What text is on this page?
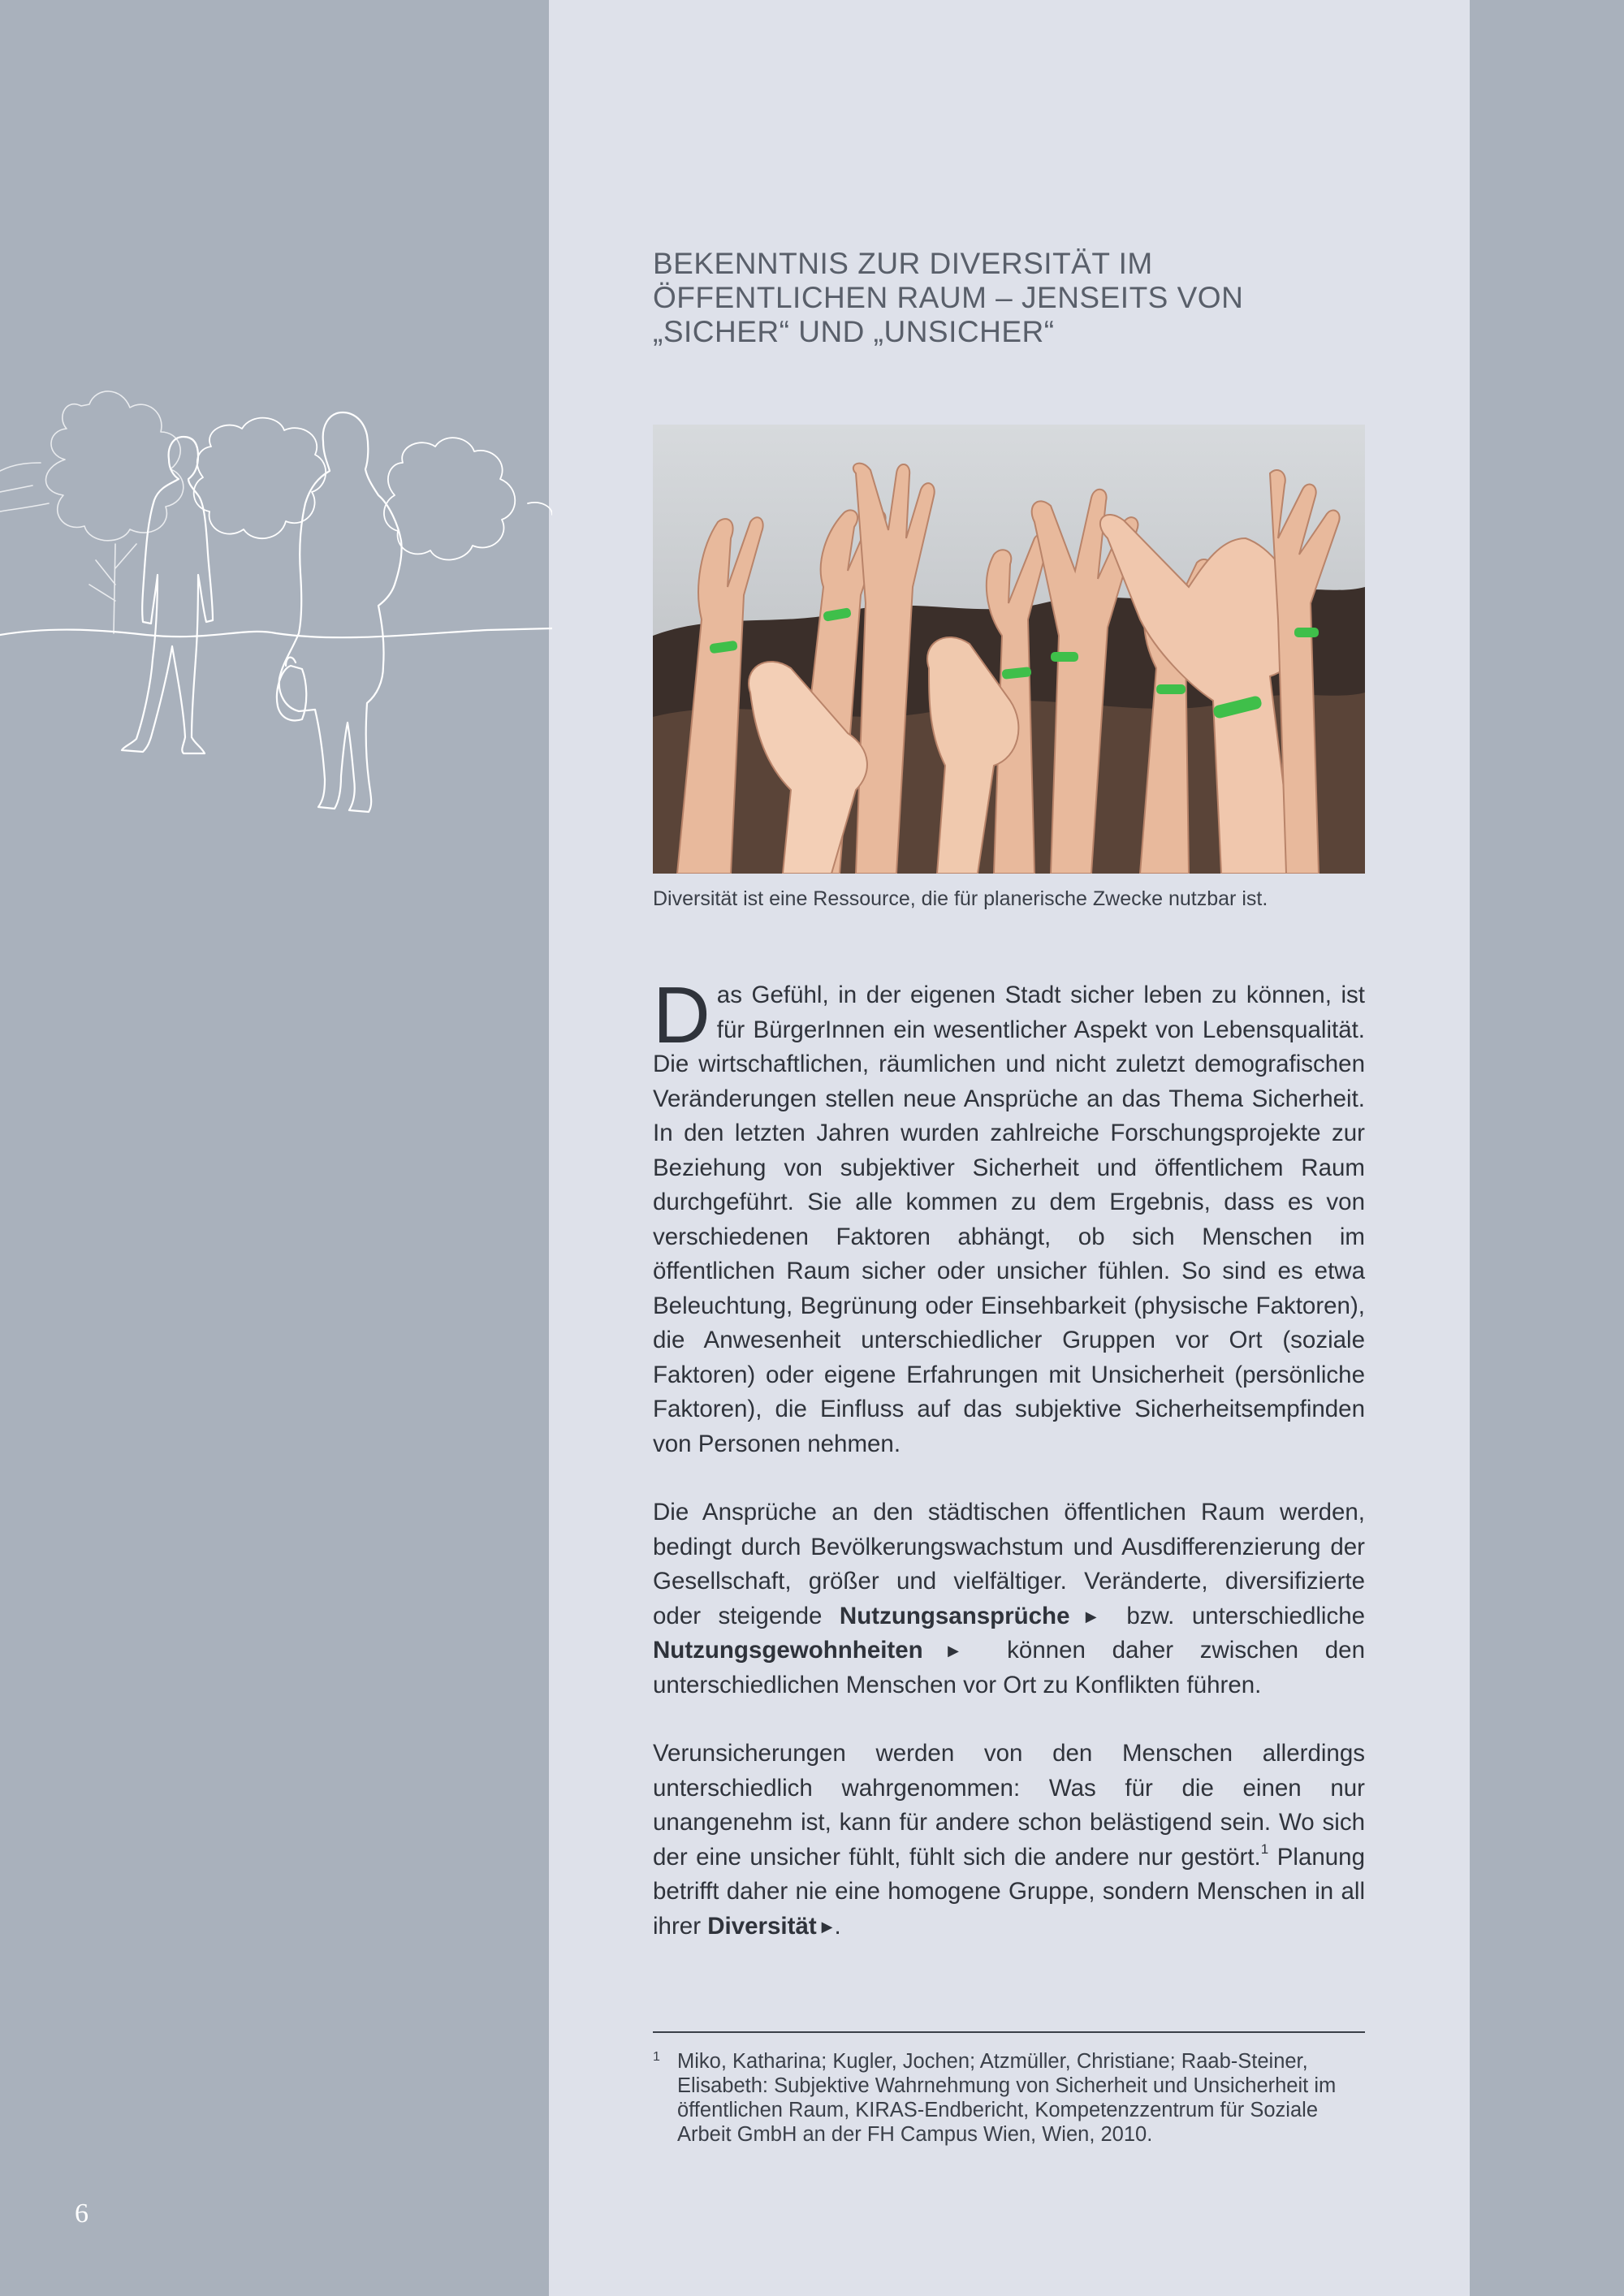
BEKENNTNIS ZUR DIVERSITÄT IM
ÖFFENTLICHEN RAUM – JENSEITS VON
„SICHER“ UND „UNSICHER“
Diversität ist eine Ressource, die für planerische Zwecke nutzbar ist.

Das Gefühl, in der eigenen Stadt sicher leben zu können, ist für BürgerInnen ein wesentlicher Aspekt von Lebensqualität. Die wirtschaftlichen, räumlichen und nicht zuletzt demografischen Veränderungen stellen neue Ansprüche an das Thema Sicherheit. In den letzten Jahren wurden zahlreiche Forschungsprojekte zur Beziehung von subjektiver Sicherheit und öffentlichem Raum durchgeführt. Sie alle kommen zu dem Ergebnis, dass es von verschiedenen Faktoren abhängt, ob sich Menschen im öffentlichen Raum sicher oder unsicher fühlen. So sind es etwa Beleuchtung, Begrünung oder Einsehbarkeit (physische Faktoren), die Anwesenheit unterschiedlicher Gruppen vor Ort (soziale Faktoren) oder eigene Erfahrungen mit Unsicherheit (persönliche Faktoren), die Einfluss auf das subjektive Sicherheitsempfinden von Personen nehmen.

Die Ansprüche an den städtischen öffentlichen Raum werden, bedingt durch Bevölkerungswachstum und Ausdifferenzierung der Gesellschaft, größer und vielfältiger. Veränderte, diversifizierte oder steigende Nutzungsansprüche ▶ bzw. unterschiedliche Nutzungsgewohnheiten ▶ können daher zwischen den unterschiedlichen Menschen vor Ort zu Konflikten führen.

Verunsicherungen werden von den Menschen allerdings unterschiedlich wahrgenommen: Was für die einen nur unangenehm ist, kann für andere schon belästigend sein. Wo sich der eine unsicher fühlt, fühlt sich die andere nur gestört.$^1$ Planung betrifft daher nie eine homogene Gruppe, sondern Menschen in all ihrer Diversität ▶.

1 Miko, Katharina; Kugler, Jochen; Atzmüller, Christiane; Raab-Steiner, Elisabeth: Subjektive Wahrnehmung von Sicherheit und Unsicherheit im öffentlichen Raum, KIRAS-Endbericht, Kompetenzzentrum für Soziale Arbeit GmbH an der FH Campus Wien, Wien, 2010.
6
